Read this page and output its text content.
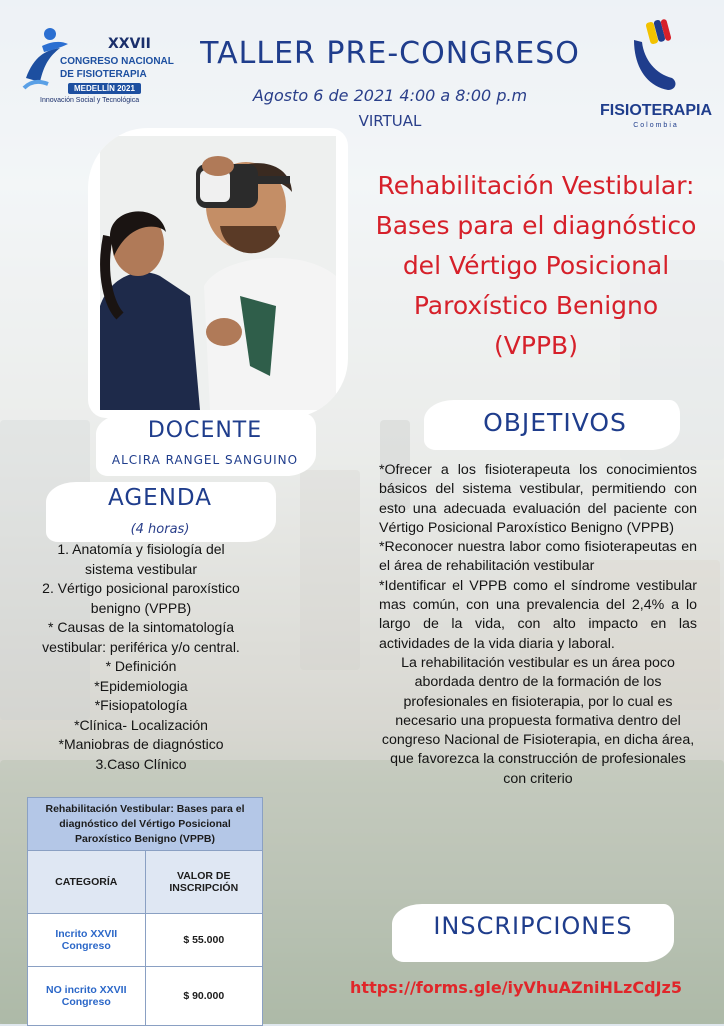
XXVII
CONGRESO NACIONAL
DE FISIOTERAPIA
MEDELLÍN 2021
Innovación Social y Tecnológica
TALLER PRE-CONGRESO
Agosto 6 de 2021 4:00 a 8:00 p.m
VIRTUAL
FISIOTERAPIA
Colombia
Rehabilitación Vestibular:
Bases para el diagnóstico
del Vértigo Posicional
Paroxístico Benigno
(VPPB)
DOCENTE
ALCIRA RANGEL SANGUINO
AGENDA
(4 horas)
1. Anatomía y fisiología del
sistema vestibular
2. Vértigo posicional paroxístico
benigno (VPPB)
* Causas de la sintomatología
vestibular: periférica y/o central.
* Definición
*Epidemiologia
*Fisiopatología
*Clínica- Localización
*Maniobras de diagnóstico
3.Caso Clínico
OBJETIVOS

*Ofrecer a los fisioterapeuta los conocimientos básicos del sistema vestibular, permitiendo con esto una adecuada evaluación del paciente con Vértigo Posicional Paroxístico Benigno (VPPB)

*Reconocer nuestra labor como fisioterapeutas en el área de rehabilitación vestibular

*Identificar el VPPB como el síndrome vestibular mas común, con una prevalencia del 2,4% a lo largo de la vida, con alto impacto en las actividades de la vida diaria y laboral.

La rehabilitación vestibular es un área poco abordada dentro de la formación de los profesionales en fisioterapia, por lo cual es necesario una propuesta formativa dentro del congreso Nacional de Fisioterapia, en dicha área, que favorezca la construcción de profesionales con criterio

Rehabilitación Vestibular: Bases para el diagnóstico del Vértigo Posicional Paroxístico Benigno (VPPB)	
CATEGORÍA	VALOR DE INSCRIPCIÓN
Incrito XXVII Congreso	$ 55.000
NO incrito XXVII Congreso	$ 90.000
INSCRIPCIONES
https://forms.gle/iyVhuAZniHLzCdJz5
